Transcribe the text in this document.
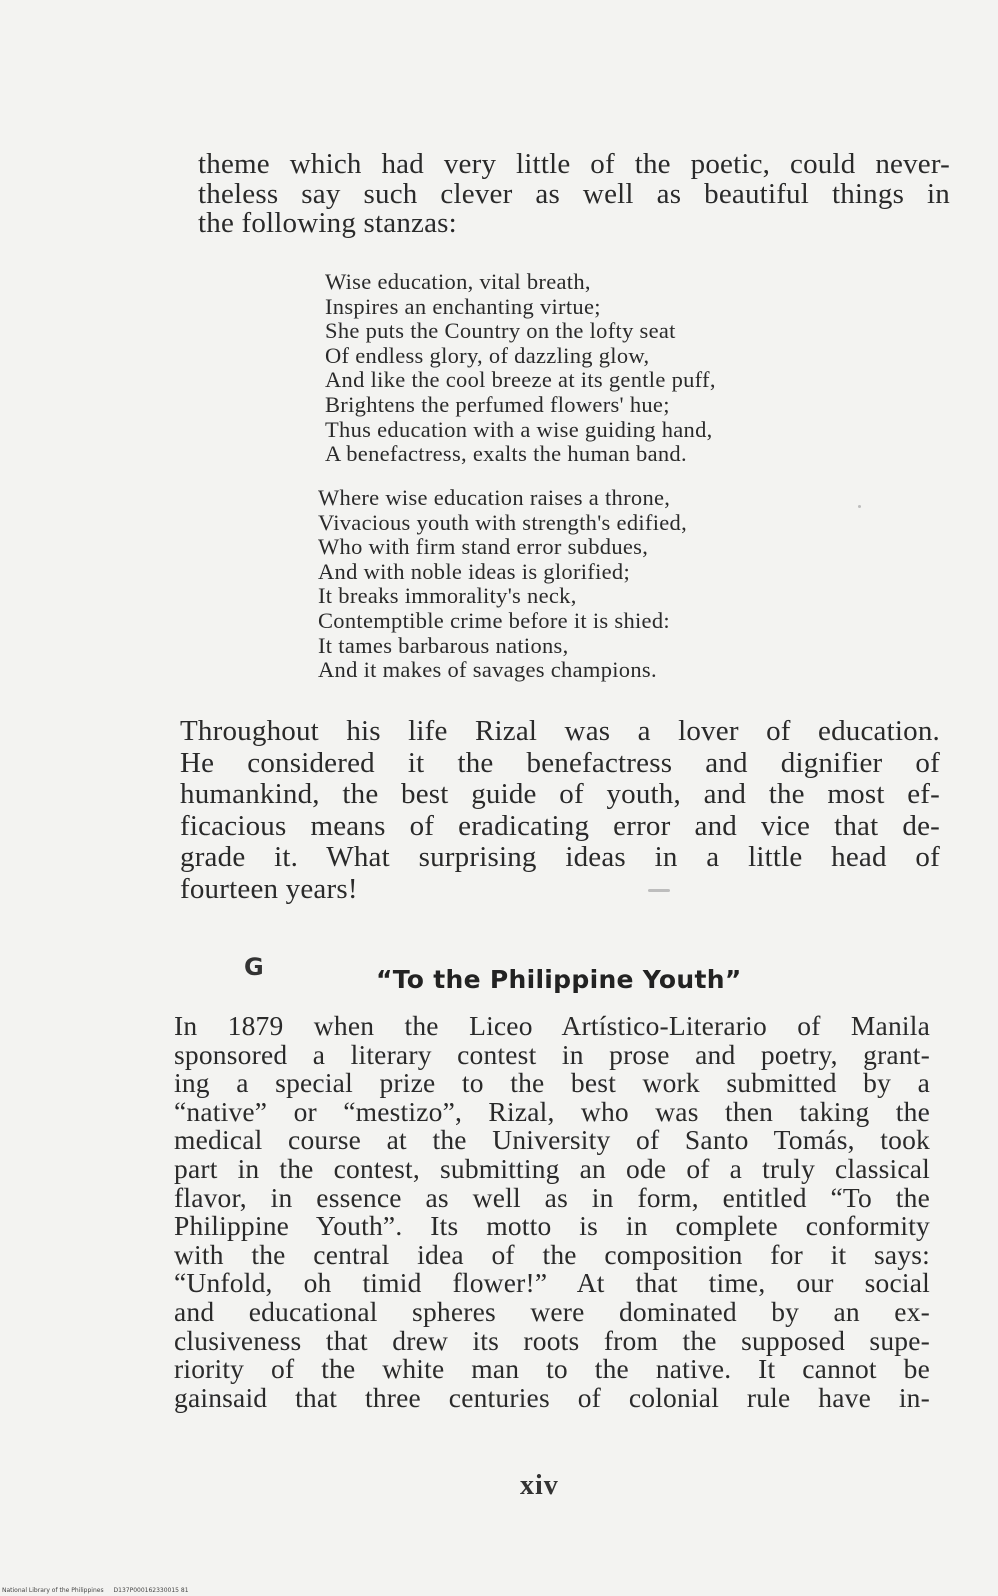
theme which had very little of the poetic, could never-
theless say such clever as well as beautiful things in
the following stanzas:

Wise education, vital breath,
Inspires an enchanting virtue;
She puts the Country on the lofty seat
Of endless glory, of dazzling glow,
And like the cool breeze at its gentle puff,
Brightens the perfumed flowers' hue;
Thus education with a wise guiding hand,
A benefactress, exalts the human band.
Where wise education raises a throne,
Vivacious youth with strength's edified,
Who with firm stand error subdues,
And with noble ideas is glorified;
It breaks immorality's neck,
Contemptible crime before it is shied:
It tames barbarous nations,
And it makes of savages champions.

Throughout his life Rizal was a lover of education.
He considered it the benefactress and dignifier of
humankind, the best guide of youth, and the most ef-
ficacious means of eradicating error and vice that de-
grade it. What surprising ideas in a little head of
fourteen years!

G	“To the Philippine Youth”

In 1879 when the Liceo Artístico-Literario of Manila
sponsored a literary contest in prose and poetry, grant-
ing a special prize to the best work submitted by a
“native” or “mestizo”, Rizal, who was then taking the
medical course at the University of Santo Tomás, took
part in the contest, submitting an ode of a truly classical
flavor, in essence as well as in form, entitled “To the
Philippine Youth”. Its motto is in complete conformity
with the central idea of the composition for it says:
“Unfold, oh timid flower!” At that time, our social
and educational spheres were dominated by an ex-
clusiveness that drew its roots from the supposed supe-
riority of the white man to the native. It cannot be
gainsaid that three centuries of colonial rule have in-

xiv
National Library of the Philippines D137P000162330015 81
